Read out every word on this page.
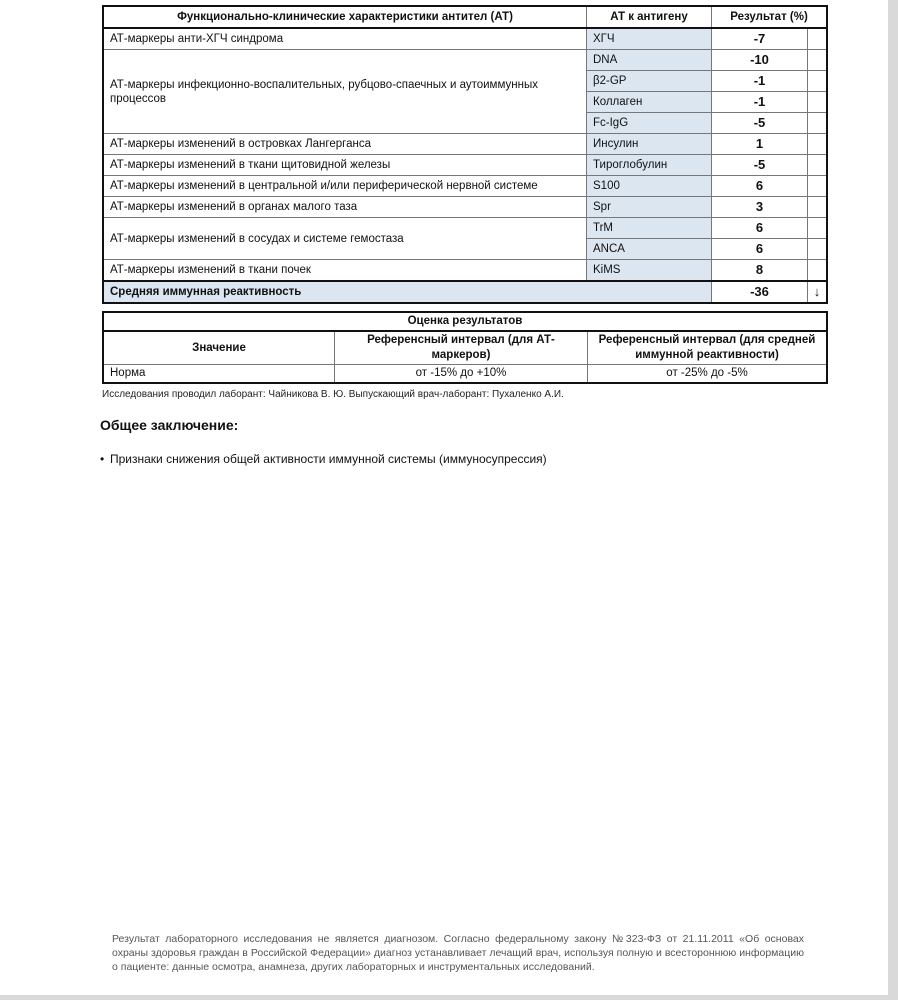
Функционально-клинические характеристики антител (АТ)	АТ к антигену	Результат (%)	
АТ-маркеры анти-ХГЧ синдрома	ХГЧ	-7	
АТ-маркеры инфекционно-воспалительных, рубцово-спаечных и аутоиммунных процессов	DNA	-10	
	β2-GP	-1	
	Коллаген	-1	
	Fc-IgG	-5	
АТ-маркеры изменений в островках Лангерганса	Инсулин	1	
АТ-маркеры изменений в ткани щитовидной железы	Тироглобулин	-5	
АТ-маркеры изменений в центральной и/или периферической нервной системе	S100	6	
АТ-маркеры изменений в органах малого таза	Spr	3	
АТ-маркеры изменений в сосудах и системе гемостаза	TrM	6	
	ANCA	6	
АТ-маркеры изменений в ткани почек	KiMS	8	
Средняя иммунная реактивность		-36	↓
Оценка результатов		
Значение	Референсный интервал (для АТ-маркеров)	Референсный интервал (для средней иммунной реактивности)
Норма	от -15% до +10%	от -25% до -5%
Исследования проводил лаборант: Чайникова В. Ю. Выпускающий врач-лаборант: Пухаленко А.И.
Общее заключение:
• Признаки снижения общей активности иммунной системы (иммуносупрессия)
Результат лабораторного исследования не является диагнозом. Согласно федеральному закону №323-ФЗ от 21.11.2011 «Об основах охраны здоровья граждан в Российской Федерации» диагноз устанавливает лечащий врач, используя полную и всестороннюю информацию о пациенте: данные осмотра, анамнеза, других лабораторных и инструментальных исследований.
